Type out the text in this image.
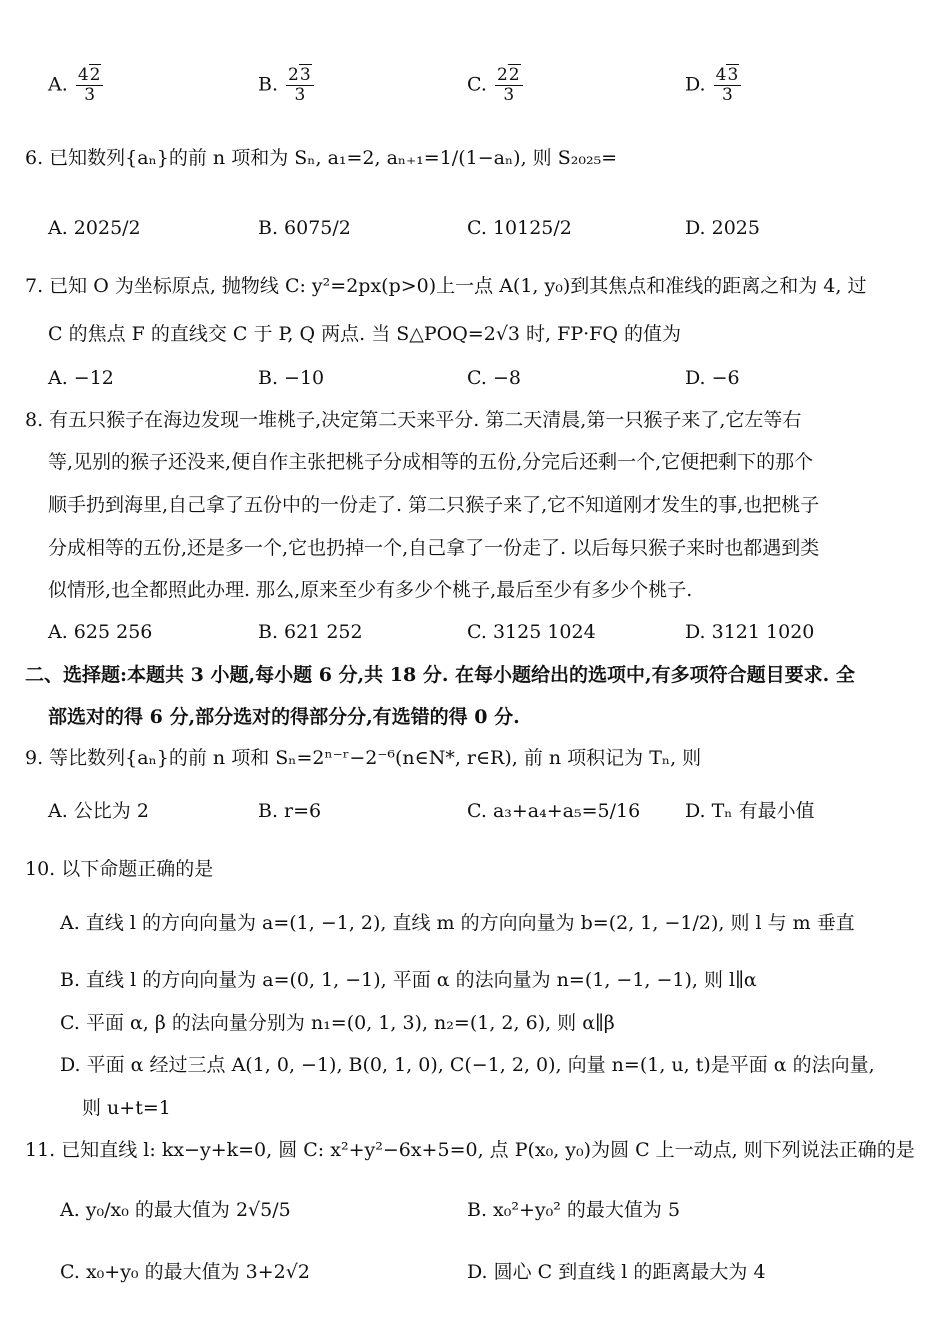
A. $\frac{42}{3}$	B. $\frac{23}{3}$	C. $\frac{22}{3}$	D. $\frac{43}{3}$
6. 已知数列{aₙ}的前 n 项和为 Sₙ, a₁=2, aₙ₊₁=1/(1−aₙ), 则 S₂₀₂₅=
A. 2025/2	B. 6075/2	C. 10125/2	D. 2025
7. 已知 O 为坐标原点, 抛物线 C: y²=2px(p>0)上一点 A(1, y₀)到其焦点和准线的距离之和为 4, 过
C 的焦点 F 的直线交 C 于 P, Q 两点. 当 S△POQ=2√3 时, FP·FQ 的值为
A. −12	B. −10	C. −8	D. −6
8. 有五只猴子在海边发现一堆桃子,决定第二天来平分. 第二天清晨,第一只猴子来了,它左等右
等,见别的猴子还没来,便自作主张把桃子分成相等的五份,分完后还剩一个,它便把剩下的那个
顺手扔到海里,自己拿了五份中的一份走了. 第二只猴子来了,它不知道刚才发生的事,也把桃子
分成相等的五份,还是多一个,它也扔掉一个,自己拿了一份走了. 以后每只猴子来时也都遇到类
似情形,也全都照此办理. 那么,原来至少有多少个桃子,最后至少有多少个桃子.
A. 625 256	B. 621 252	C. 3125 1024	D. 3121 1020
二、选择题:本题共 3 小题,每小题 6 分,共 18 分. 在每小题给出的选项中,有多项符合题目要求. 全
部选对的得 6 分,部分选对的得部分分,有选错的得 0 分.
9. 等比数列{aₙ}的前 n 项和 Sₙ=2ⁿ⁻ʳ−2⁻⁶(n∈N*, r∈R), 前 n 项积记为 Tₙ, 则
A. 公比为 2	B. r=6	C. a₃+a₄+a₅=5/16 D. Tₙ 有最小值
10. 以下命题正确的是
A. 直线 l 的方向向量为 a=(1, −1, 2), 直线 m 的方向向量为 b=(2, 1, −1/2), 则 l 与 m 垂直
B. 直线 l 的方向向量为 a=(0, 1, −1), 平面 α 的法向量为 n=(1, −1, −1), 则 l∥α
C. 平面 α, β 的法向量分别为 n₁=(0, 1, 3), n₂=(1, 2, 6), 则 α∥β
D. 平面 α 经过三点 A(1, 0, −1), B(0, 1, 0), C(−1, 2, 0), 向量 n=(1, u, t)是平面 α 的法向量,
则 u+t=1
11. 已知直线 l: kx−y+k=0, 圆 C: x²+y²−6x+5=0, 点 P(x₀, y₀)为圆 C 上一动点, 则下列说法正确的是
A. y₀/x₀ 的最大值为 2√5/5	B. x₀²+y₀² 的最大值为 5
C. x₀+y₀ 的最大值为 3+2√2	D. 圆心 C 到直线 l 的距离最大为 4
